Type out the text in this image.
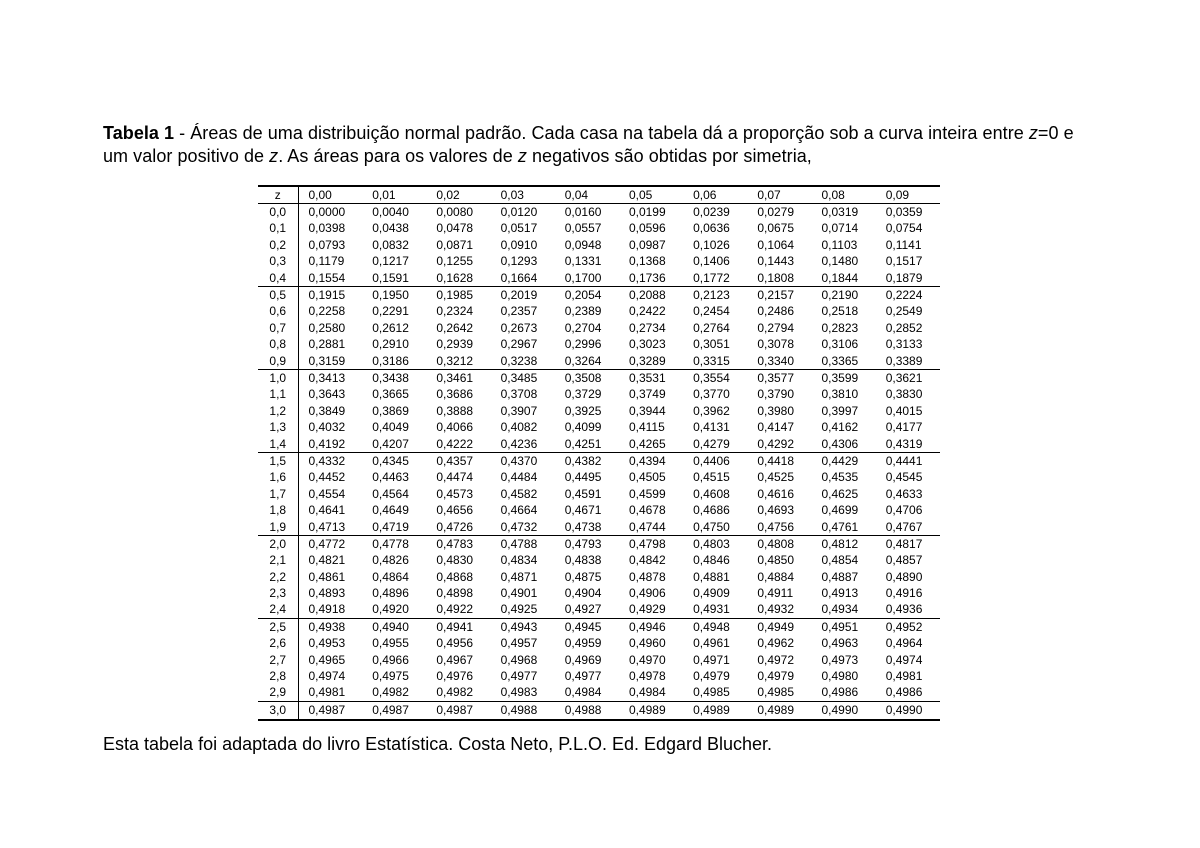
Tabela 1 - Áreas de uma distribuição normal padrão. Cada casa na tabela dá a proporção sob a curva inteira entre z=0 e um valor positivo de z. As áreas para os valores de z negativos são obtidas por simetria,

z	0,00	0,01	0,02	0,03	0,04	0,05	0,06	0,07	0,08	0,09
0,0	0,0000	0,0040	0,0080	0,0120	0,0160	0,0199	0,0239	0,0279	0,0319	0,0359
0,1	0,0398	0,0438	0,0478	0,0517	0,0557	0,0596	0,0636	0,0675	0,0714	0,0754
0,2	0,0793	0,0832	0,0871	0,0910	0,0948	0,0987	0,1026	0,1064	0,1103	0,1141
0,3	0,1179	0,1217	0,1255	0,1293	0,1331	0,1368	0,1406	0,1443	0,1480	0,1517
0,4	0,1554	0,1591	0,1628	0,1664	0,1700	0,1736	0,1772	0,1808	0,1844	0,1879
0,5	0,1915	0,1950	0,1985	0,2019	0,2054	0,2088	0,2123	0,2157	0,2190	0,2224
0,6	0,2258	0,2291	0,2324	0,2357	0,2389	0,2422	0,2454	0,2486	0,2518	0,2549
0,7	0,2580	0,2612	0,2642	0,2673	0,2704	0,2734	0,2764	0,2794	0,2823	0,2852
0,8	0,2881	0,2910	0,2939	0,2967	0,2996	0,3023	0,3051	0,3078	0,3106	0,3133
0,9	0,3159	0,3186	0,3212	0,3238	0,3264	0,3289	0,3315	0,3340	0,3365	0,3389
1,0	0,3413	0,3438	0,3461	0,3485	0,3508	0,3531	0,3554	0,3577	0,3599	0,3621
1,1	0,3643	0,3665	0,3686	0,3708	0,3729	0,3749	0,3770	0,3790	0,3810	0,3830
1,2	0,3849	0,3869	0,3888	0,3907	0,3925	0,3944	0,3962	0,3980	0,3997	0,4015
1,3	0,4032	0,4049	0,4066	0,4082	0,4099	0,4115	0,4131	0,4147	0,4162	0,4177
1,4	0,4192	0,4207	0,4222	0,4236	0,4251	0,4265	0,4279	0,4292	0,4306	0,4319
1,5	0,4332	0,4345	0,4357	0,4370	0,4382	0,4394	0,4406	0,4418	0,4429	0,4441
1,6	0,4452	0,4463	0,4474	0,4484	0,4495	0,4505	0,4515	0,4525	0,4535	0,4545
1,7	0,4554	0,4564	0,4573	0,4582	0,4591	0,4599	0,4608	0,4616	0,4625	0,4633
1,8	0,4641	0,4649	0,4656	0,4664	0,4671	0,4678	0,4686	0,4693	0,4699	0,4706
1,9	0,4713	0,4719	0,4726	0,4732	0,4738	0,4744	0,4750	0,4756	0,4761	0,4767
2,0	0,4772	0,4778	0,4783	0,4788	0,4793	0,4798	0,4803	0,4808	0,4812	0,4817
2,1	0,4821	0,4826	0,4830	0,4834	0,4838	0,4842	0,4846	0,4850	0,4854	0,4857
2,2	0,4861	0,4864	0,4868	0,4871	0,4875	0,4878	0,4881	0,4884	0,4887	0,4890
2,3	0,4893	0,4896	0,4898	0,4901	0,4904	0,4906	0,4909	0,4911	0,4913	0,4916
2,4	0,4918	0,4920	0,4922	0,4925	0,4927	0,4929	0,4931	0,4932	0,4934	0,4936
2,5	0,4938	0,4940	0,4941	0,4943	0,4945	0,4946	0,4948	0,4949	0,4951	0,4952
2,6	0,4953	0,4955	0,4956	0,4957	0,4959	0,4960	0,4961	0,4962	0,4963	0,4964
2,7	0,4965	0,4966	0,4967	0,4968	0,4969	0,4970	0,4971	0,4972	0,4973	0,4974
2,8	0,4974	0,4975	0,4976	0,4977	0,4977	0,4978	0,4979	0,4979	0,4980	0,4981
2,9	0,4981	0,4982	0,4982	0,4983	0,4984	0,4984	0,4985	0,4985	0,4986	0,4986
3,0	0,4987	0,4987	0,4987	0,4988	0,4988	0,4989	0,4989	0,4989	0,4990	0,4990

Esta tabela foi adaptada do livro Estatística. Costa Neto, P.L.O. Ed. Edgard Blucher.
